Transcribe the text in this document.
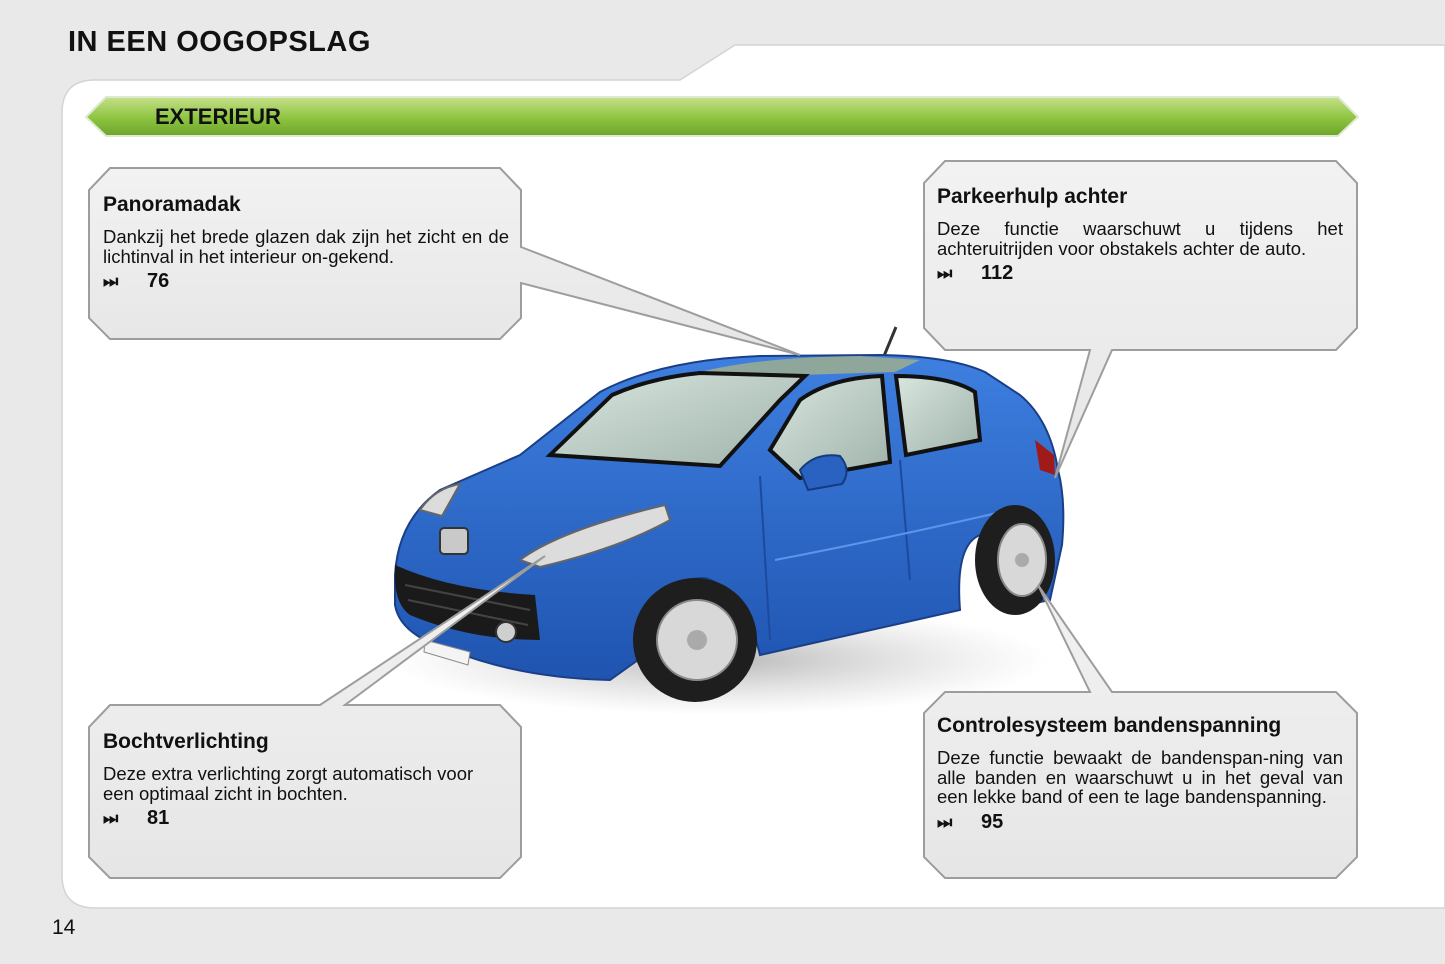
IN EEN OOGOPSLAG
EXTERIEUR
Panoramadak

Dankzij het brede glazen dak zijn het zicht en de lichtinval in het interieur on-gekend.

⏭	76
Parkeerhulp achter

Deze functie waarschuwt u tijdens het achteruitrijden voor obstakels achter de auto.

⏭	112
Bochtverlichting

Deze extra verlichting zorgt automatisch voor een optimaal zicht in bochten.

⏭	81
Controlesysteem bandenspanning

Deze functie bewaakt de bandenspan-ning van alle banden en waarschuwt u in het geval van een lekke band of een te lage bandenspanning.

⏭	95
14
